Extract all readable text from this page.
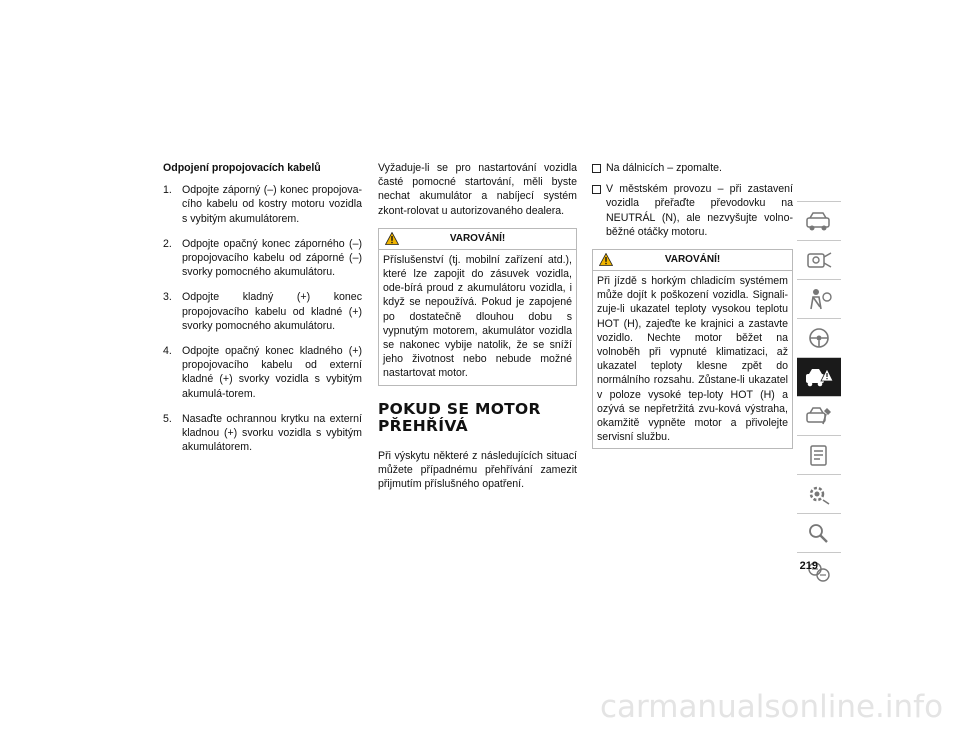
Odpojení propojovacích kabelů

1. Odpojte záporný (–) konec propojova-cího kabelu od kostry motoru vozidla s vybitým akumulátorem.
2. Odpojte opačný konec záporného (–) propojovacího kabelu od záporné (–) svorky pomocného akumulátoru.
3. Odpojte kladný (+) konec propojovacího kabelu od kladné (+) svorky pomocného akumulátoru.
4. Odpojte opačný konec kladného (+) propojovacího kabelu od externí kladné (+) svorky vozidla s vybitým akumulá-torem.
5. Nasaďte ochrannou krytku na externí kladnou (+) svorku vozidla s vybitým akumulátorem.

Vyžaduje-li se pro nastartování vozidla časté pomocné startování, měli byste nechat akumulátor a nabíjecí systém zkont-rolovat u autorizovaného dealera.

VAROVÁNÍ!
Příslušenství (tj. mobilní zařízení atd.), které lze zapojit do zásuvek vozidla, ode-bírá proud z akumulátoru vozidla, i když se nepoužívá. Pokud je zapojené po dostatečně dlouhou dobu s vypnutým motorem, akumulátor vozidla se nakonec vybije natolik, že se sníží jeho životnost nebo nebude možné nastartovat motor.
POKUD SE MOTOR
PŘEHŘÍVÁ

Při výskytu některé z následujících situací můžete případnému přehřívání zamezit přijmutím příslušného opatření.

Na dálnicích – zpomalte.
V městském provozu – při zastavení vozidla přeřaďte převodovku na NEUTRÁL (N), ale nezvyšujte volno-běžné otáčky motoru.
VAROVÁNÍ!
Při jízdě s horkým chladicím systémem může dojít k poškození vozidla. Signali-zuje-li ukazatel teploty vysokou teplotu HOT (H), zajeďte ke krajnici a zastavte vozidlo. Nechte motor běžet na volnoběh při vypnuté klimatizaci, až ukazatel teploty klesne zpět do normálního rozsahu. Zůstane-li ukazatel v poloze vysoké tep-loty HOT (H) a ozývá se nepřetržitá zvu-ková výstraha, okamžitě vypněte motor a přivolejte servisní službu.
219
carmanualsonline.info
